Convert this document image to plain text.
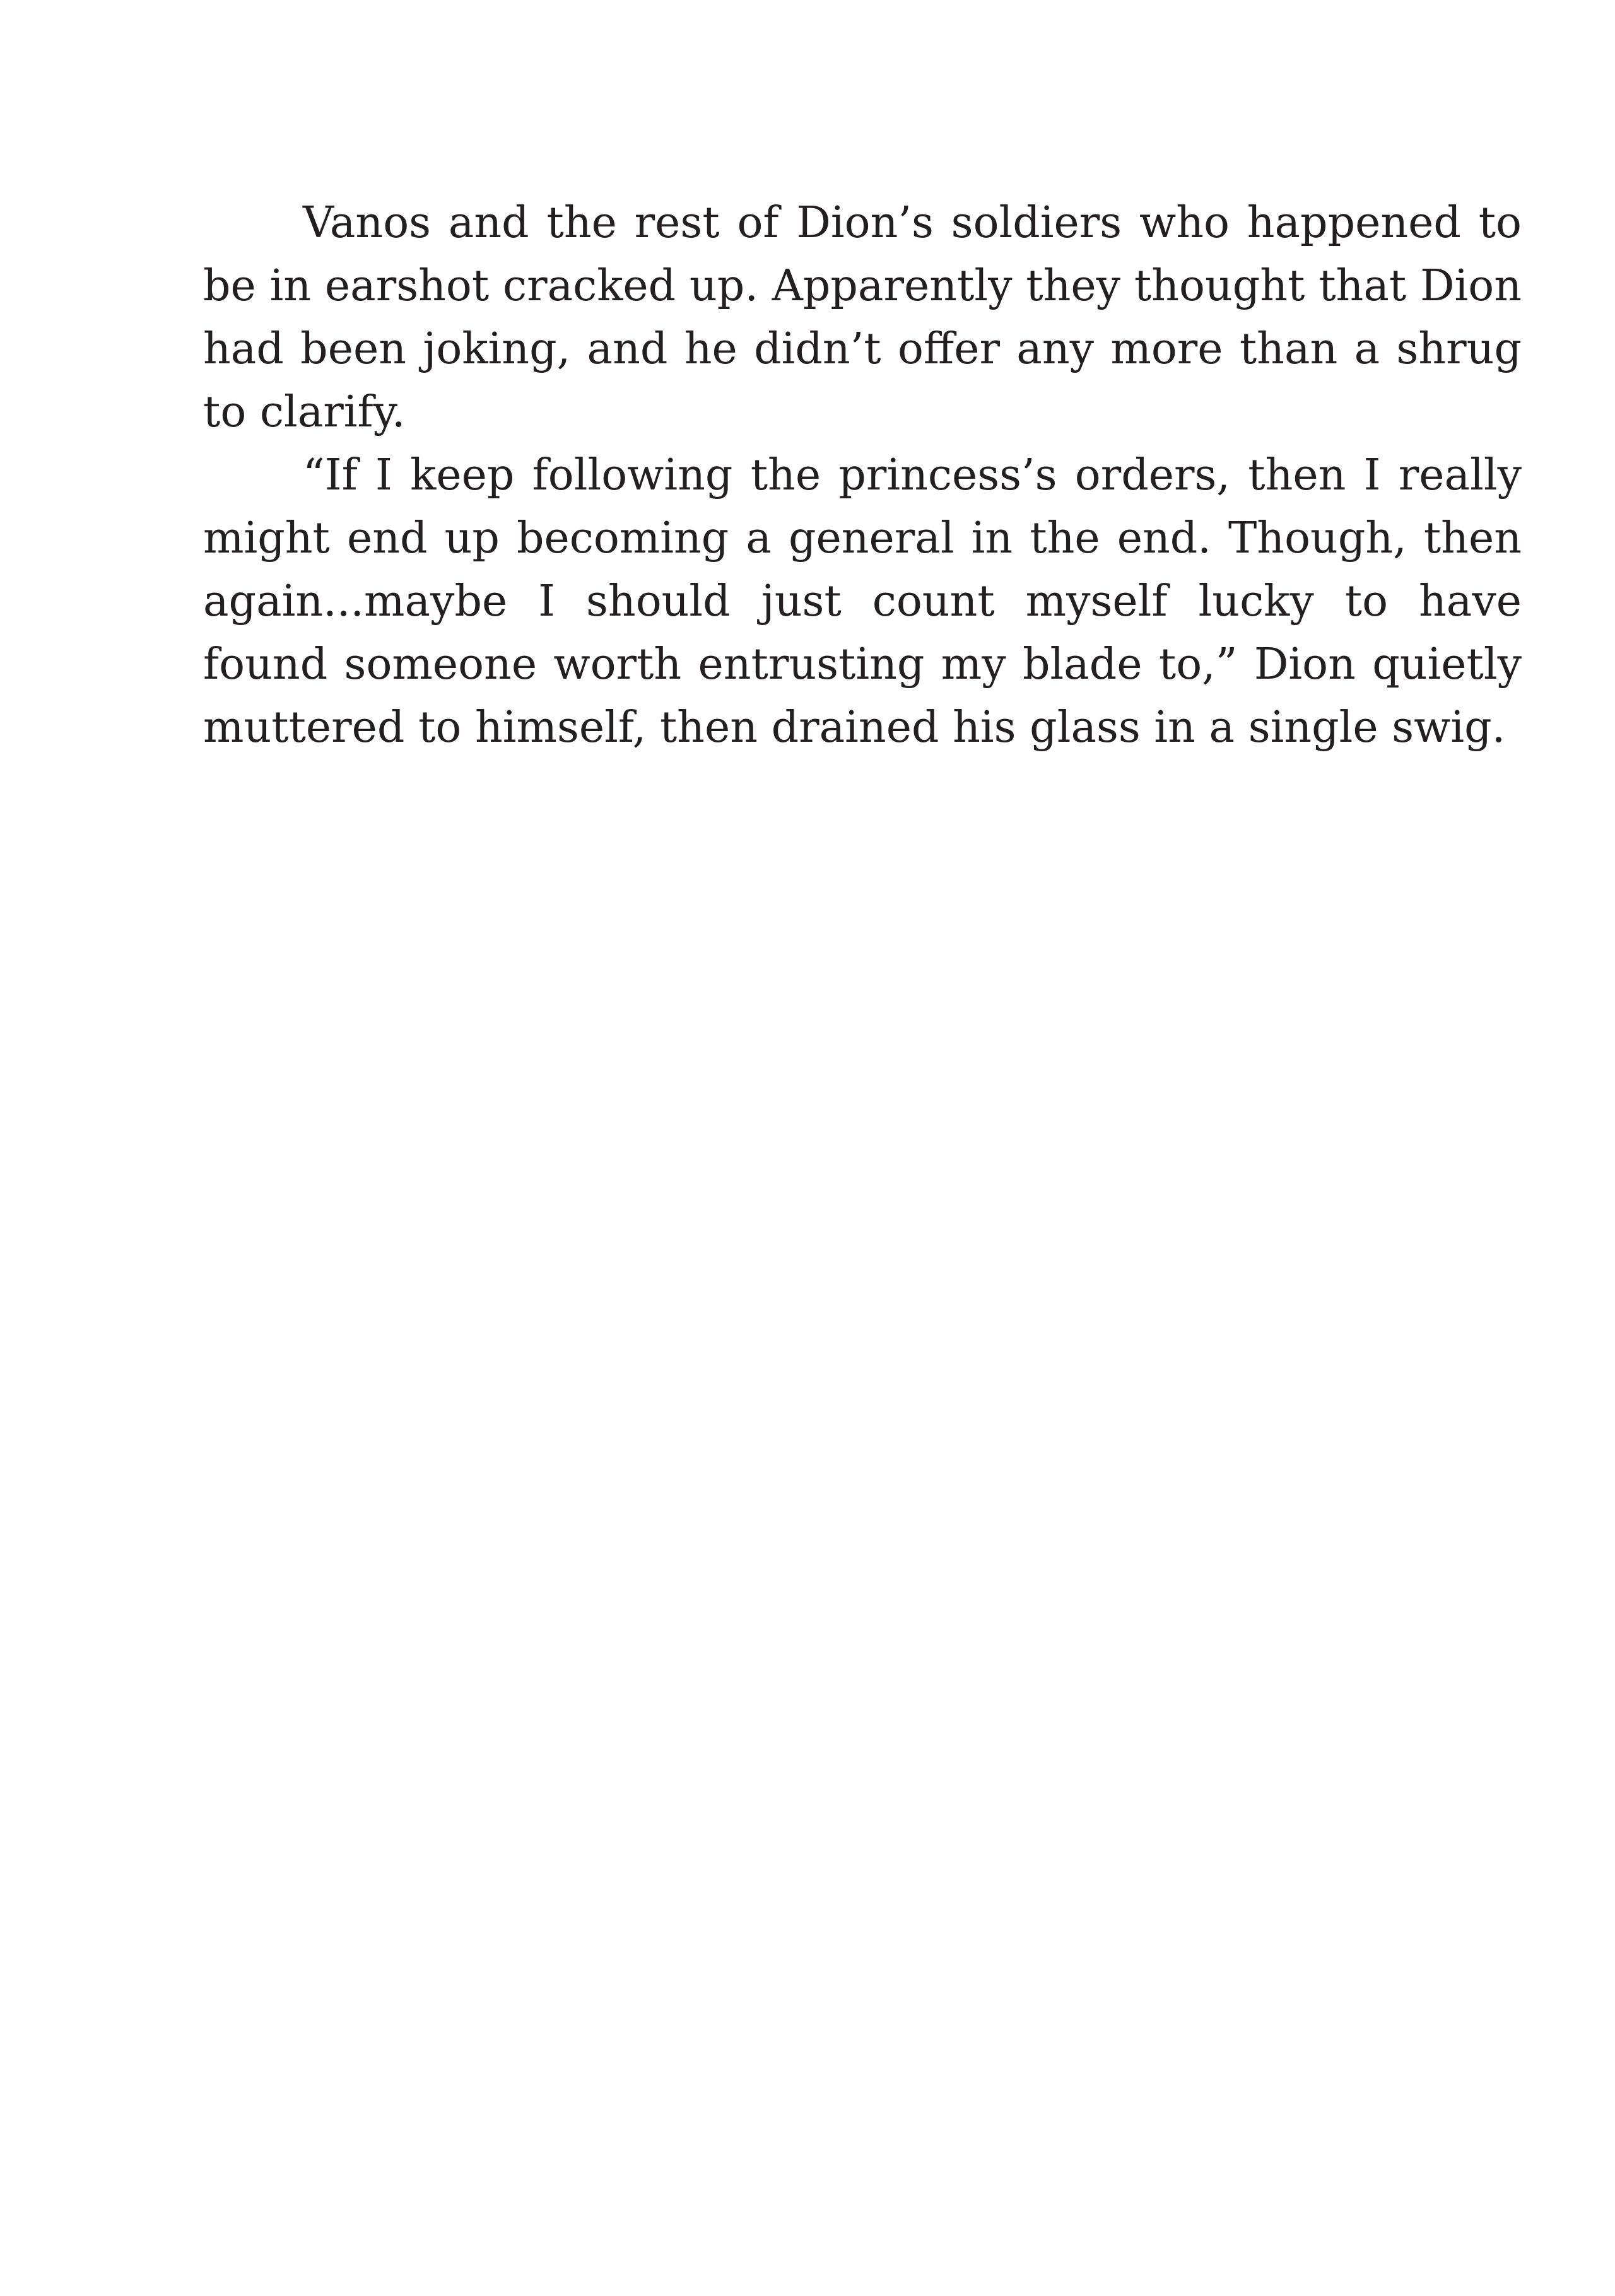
Vanos and the rest of Dion’s soldiers who happened to be in earshot cracked up. Apparently they thought that Dion had been joking, and he didn’t offer any more than a shrug to clarify.

“If I keep following the princess’s orders, then I really might end up becoming a general in the end. Though, then again...maybe I should just count myself lucky to have found someone worth entrusting my blade to,” Dion quietly muttered to himself, then drained his glass in a single swig.
